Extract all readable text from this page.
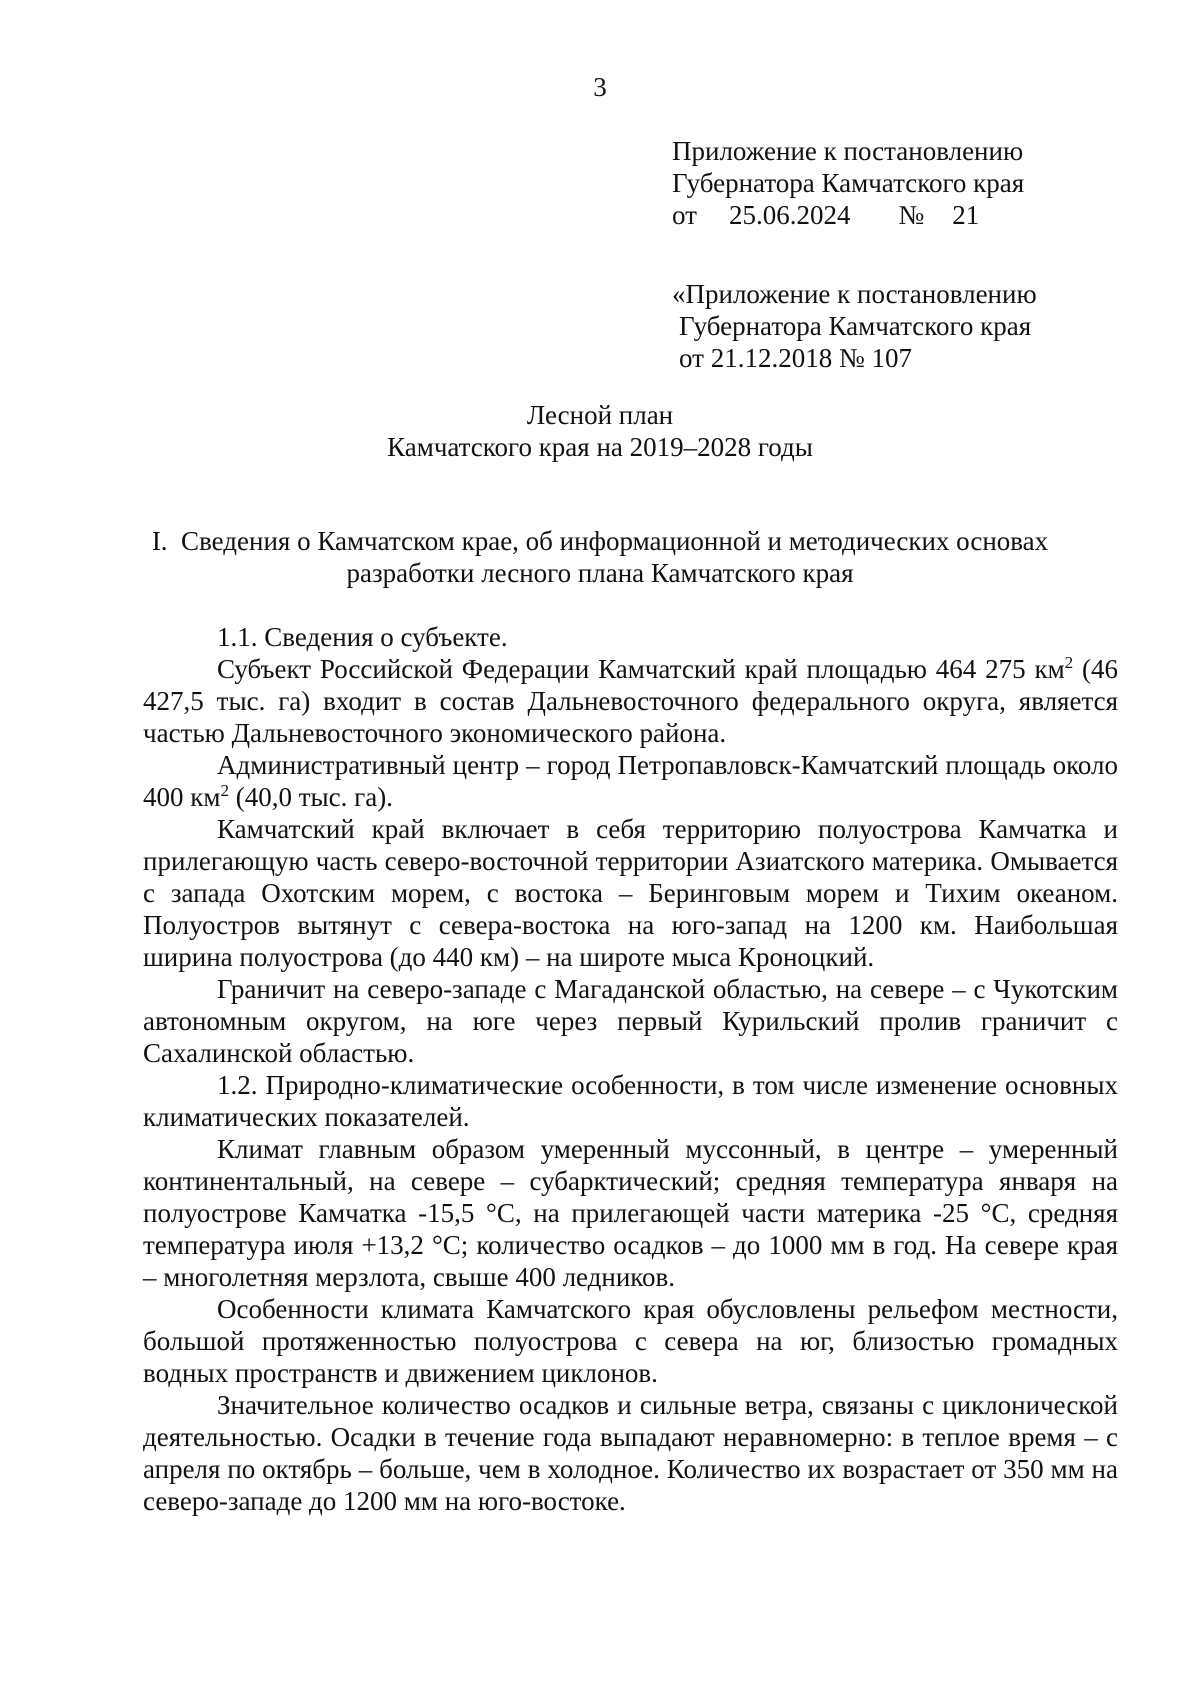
3
Приложение к постановлению
Губернатора Камчатского края
от 25.06.2024 № 21
«Приложение к постановлению
Губернатора Камчатского края
от 21.12.2018 № 107
Лесной план
Камчатского края на 2019–2028 годы
I.  Сведения о Камчатском крае, об информационной и методических основах
разработки лесного плана Камчатского края

1.1. Сведения о субъекте.

Субъект Российской Федерации Камчатский край площадью 464 275 $км^2$ (46 427,5 тыс. га) входит в состав Дальневосточного федерального округа, является частью Дальневосточного экономического района.

Административный центр – город Петропавловск-Камчатский площадь около 400 $км^2$ (40,0 тыс. га).

Камчатский край включает в себя территорию полуострова Камчатка и прилегающую часть северо-восточной территории Азиатского материка. Омывается с запада Охотским морем, с востока – Беринговым морем и Тихим океаном. Полуостров вытянут с севера-востока на юго-запад на 1200 км. Наибольшая ширина полуострова (до 440 км) – на широте мыса Кроноцкий.

Граничит на северо-западе с Магаданской областью, на севере – с Чукотским автономным округом, на юге через первый Курильский пролив граничит с Сахалинской областью.

1.2. Природно-климатические особенности, в том числе изменение основных климатических показателей.

Климат главным образом умеренный муссонный, в центре – умеренный континентальный, на севере – субарктический; средняя температура января на полуострове Камчатка -15,5 °С, на прилегающей части материка -25 °С, средняя температура июля +13,2 °С; количество осадков – до 1000 мм в год. На севере края – многолетняя мерзлота, свыше 400 ледников.

Особенности климата Камчатского края обусловлены рельефом местности, большой протяженностью полуострова с севера на юг, близостью громадных водных пространств и движением циклонов.

Значительное количество осадков и сильные ветра, связаны с циклонической деятельностью. Осадки в течение года выпадают неравномерно: в теплое время – с апреля по октябрь – больше, чем в холодное. Количество их возрастает от 350 мм на северо-западе до 1200 мм на юго-востоке.
